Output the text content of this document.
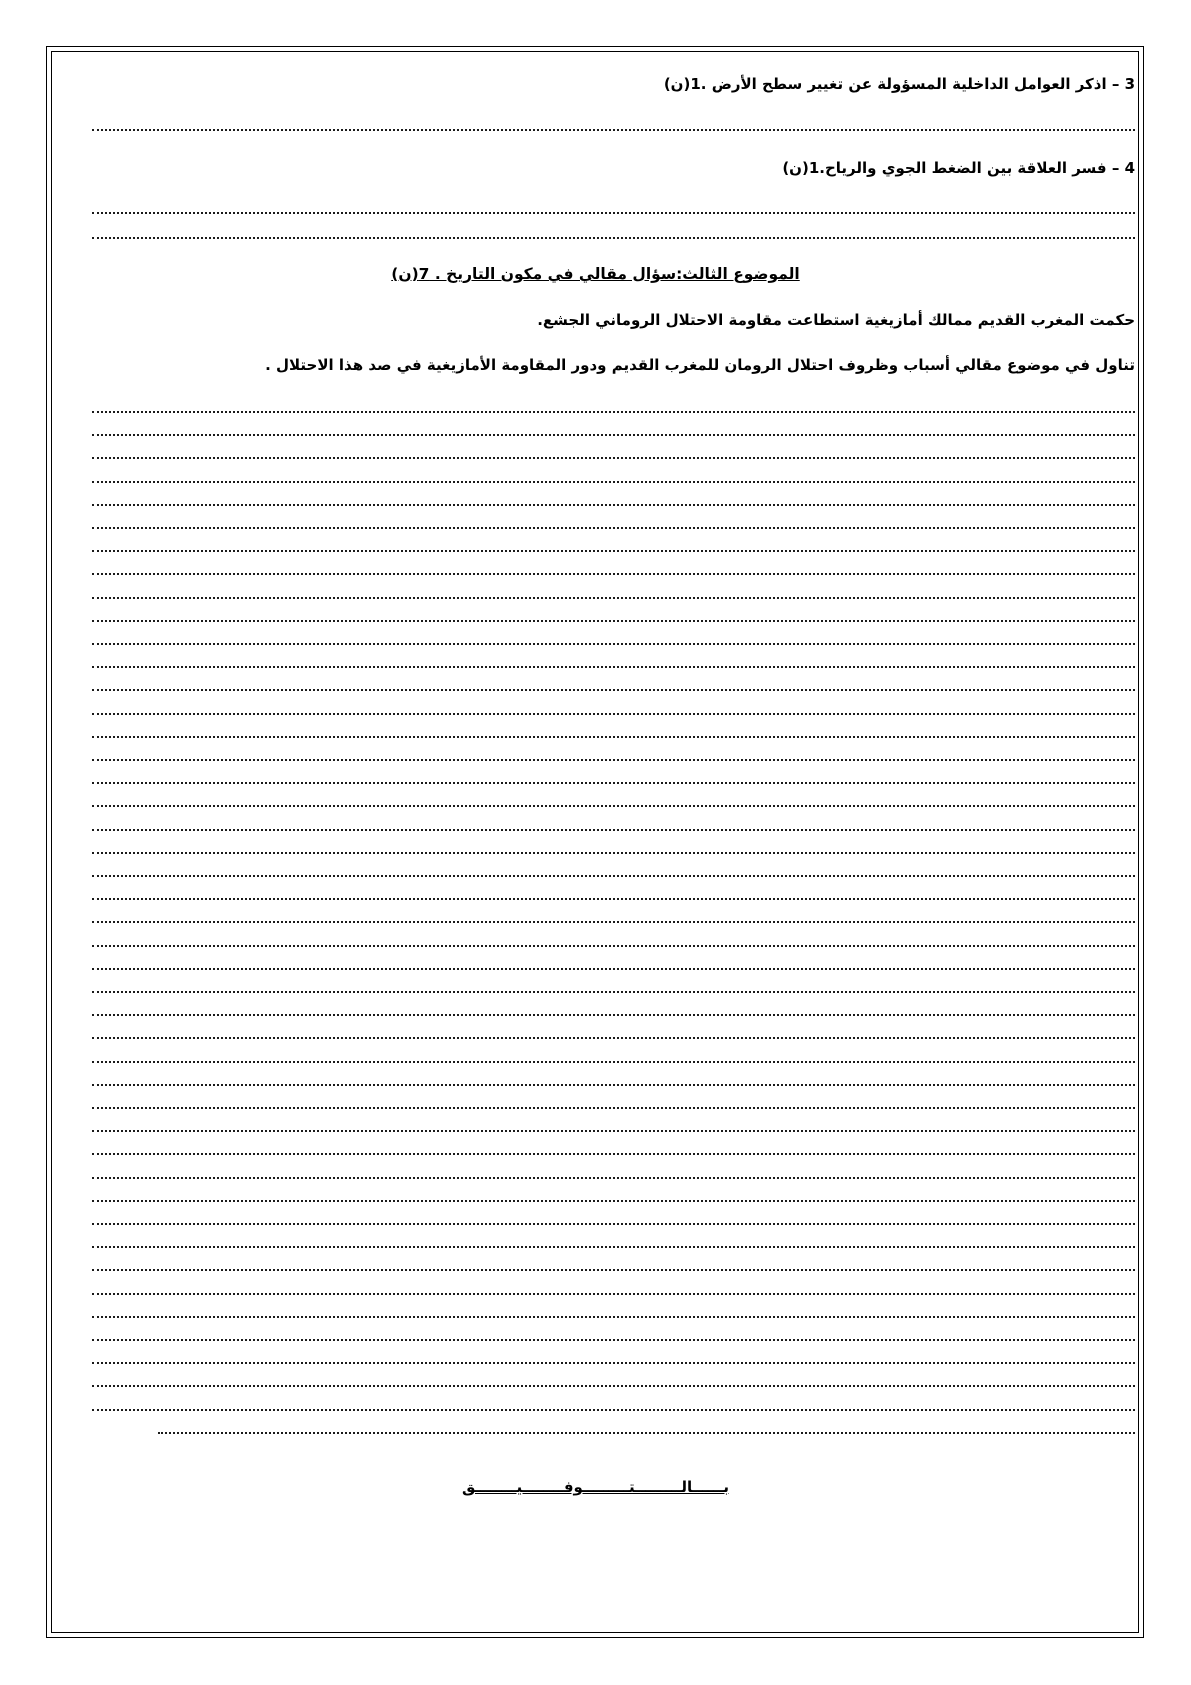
3 – اذكر العوامل الداخلية المسؤولة عن تغيير سطح الأرض .1(ن)
4 – فسر العلاقة بين الضغط الجوي والرياح.1(ن)
الموضوع الثالث:سؤال مقالي في مكون التاريخ . 7(ن)
حكمت المغرب القديم ممالك أمازيغية استطاعت مقاومة الاحتلال الروماني الجشع.
تناول في موضوع مقالي أسباب وظروف احتلال الرومان للمغرب القديم ودور المقاومة الأمازيغية في صد هذا الاحتلال .
بــــــالـــــــــتـــــــــوفــــــــيــــــــق
